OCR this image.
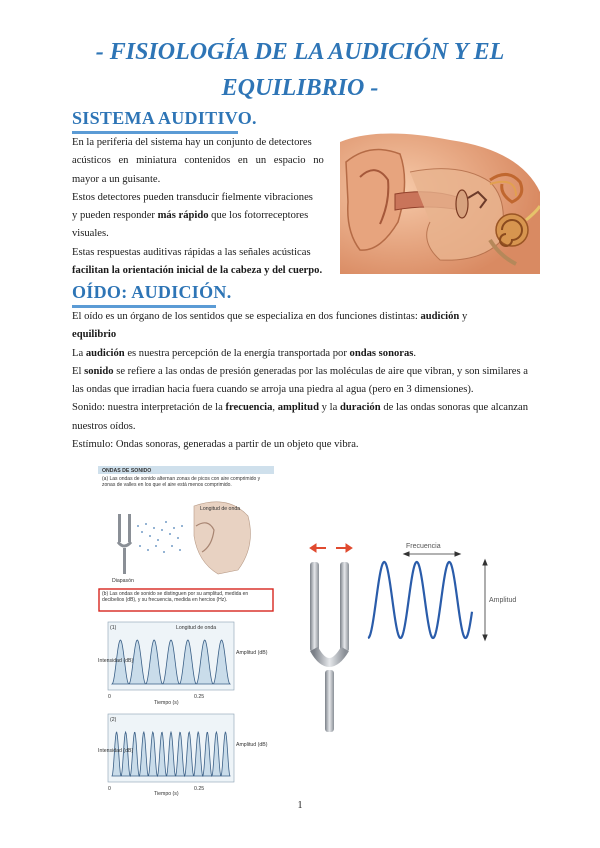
- FISIOLOGÍA DE LA AUDICIÓN Y EL
EQUILIBRIO -
SISTEMA AUDITIVO.
En la periferia del sistema hay un conjunto de detectores
acústicos en miniatura contenidos en un espacio no
mayor a un guisante.
Estos detectores pueden transducir fielmente vibraciones
y pueden responder más rápido que los fotorreceptores
visuales.
Estas respuestas auditivas rápidas a las señales acústicas
facilitan la orientación inicial de la cabeza y del cuerpo.
OÍDO: AUDICIÓN.
El oído es un órgano de los sentidos que se especializa en dos funciones distintas: audición y
equilibrio
La audición es nuestra percepción de la energía transportada por ondas sonoras.
El sonido se refiere a las ondas de presión generadas por las moléculas de aire que vibran, y son similares a las ondas que irradian hacia fuera cuando se arroja una piedra al agua (pero en 3 dimensiones).
Sonido: nuestra interpretación de la frecuencia, amplitud y la duración de las ondas sonoras que alcanzan nuestros oídos.
Estímulo: Ondas sonoras, generadas a partir de un objeto que vibra.
ONDAS DE SONIDO
(a) Las ondas de sonido alternan zonas de picos con aire comprimido y zonas de valles en los que el aire está menos comprimido.
Longitud de onda
Diapasón
(b) Las ondas de sonido se distinguen por su amplitud, medida en decibelios (dB), y su frecuencia, medida en hercios (Hz).
(1)	Longitud de onda
Intensidad (dB)
Amplitud (dB)
0	0.25
Tiempo (s)
(2)
Intensidad (dB)
Amplitud (dB)
0	0.25
Tiempo (s)
Frecuencia
Amplitud
1
